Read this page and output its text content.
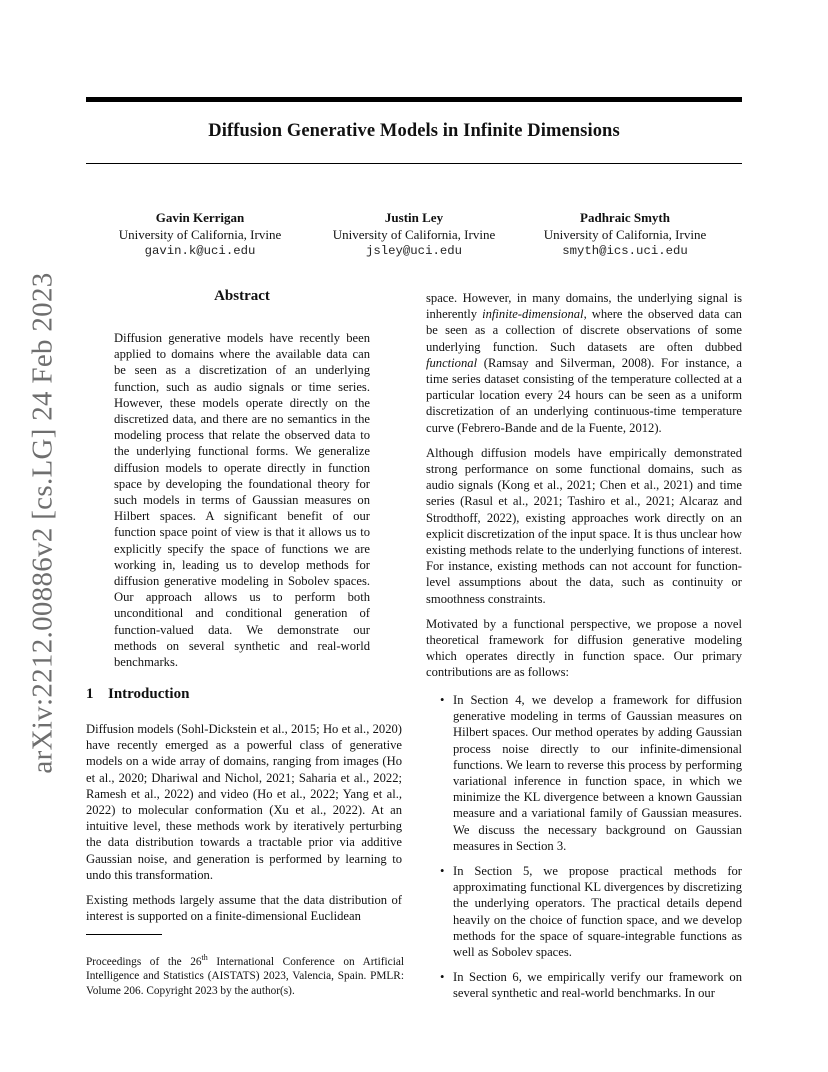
Diffusion Generative Models in Infinite Dimensions
arXiv:2212.00886v2 [cs.LG] 24 Feb 2023
Gavin Kerrigan
University of California, Irvine
gavin.k@uci.edu
Justin Ley
University of California, Irvine
jsley@uci.edu
Padhraic Smyth
University of California, Irvine
smyth@ics.uci.edu
Abstract
Diffusion generative models have recently been applied to domains where the available data can be seen as a discretization of an underlying function, such as audio signals or time series. However, these models operate directly on the discretized data, and there are no semantics in the modeling process that relate the observed data to the underlying functional forms. We generalize diffusion models to operate directly in function space by developing the foundational theory for such models in terms of Gaussian measures on Hilbert spaces. A significant benefit of our function space point of view is that it allows us to explicitly specify the space of functions we are working in, leading us to develop methods for diffusion generative modeling in Sobolev spaces. Our approach allows us to perform both unconditional and conditional generation of function-valued data. We demonstrate our methods on several synthetic and real-world benchmarks.
1 Introduction

Diffusion models (Sohl-Dickstein et al., 2015; Ho et al., 2020) have recently emerged as a powerful class of generative models on a wide array of domains, ranging from images (Ho et al., 2020; Dhariwal and Nichol, 2021; Saharia et al., 2022; Ramesh et al., 2022) and video (Ho et al., 2022; Yang et al., 2022) to molecular conformation (Xu et al., 2022). At an intuitive level, these methods work by iteratively perturbing the data distribution towards a tractable prior via additive Gaussian noise, and generation is performed by learning to undo this transformation.

Existing methods largely assume that the data distribution of interest is supported on a finite-dimensional Euclidean

Proceedings of the 26th International Conference on Artificial Intelligence and Statistics (AISTATS) 2023, Valencia, Spain. PMLR: Volume 206. Copyright 2023 by the author(s).

space. However, in many domains, the underlying signal is inherently infinite-dimensional, where the observed data can be seen as a collection of discrete observations of some underlying function. Such datasets are often dubbed functional (Ramsay and Silverman, 2008). For instance, a time series dataset consisting of the temperature collected at a particular location every 24 hours can be seen as a uniform discretization of an underlying continuous-time temperature curve (Febrero-Bande and de la Fuente, 2012).

Although diffusion models have empirically demonstrated strong performance on some functional domains, such as audio signals (Kong et al., 2021; Chen et al., 2021) and time series (Rasul et al., 2021; Tashiro et al., 2021; Alcaraz and Strodthoff, 2022), existing approaches work directly on an explicit discretization of the input space. It is thus unclear how existing methods relate to the underlying functions of interest. For instance, existing methods can not account for function-level assumptions about the data, such as continuity or smoothness constraints.

Motivated by a functional perspective, we propose a novel theoretical framework for diffusion generative modeling which operates directly in function space. Our primary contributions are as follows:

• In Section 4, we develop a framework for diffusion generative modeling in terms of Gaussian measures on Hilbert spaces. Our method operates by adding Gaussian process noise directly to our infinite-dimensional functions. We learn to reverse this process by performing variational inference in function space, in which we minimize the KL divergence between a known Gaussian measure and a variational family of Gaussian measures. We discuss the necessary background on Gaussian measures in Section 3.
• In Section 5, we propose practical methods for approximating functional KL divergences by discretizing the underlying operators. The practical details depend heavily on the choice of function space, and we develop methods for the space of square-integrable functions as well as Sobolev spaces.
• In Section 6, we empirically verify our framework on several synthetic and real-world benchmarks. In our
